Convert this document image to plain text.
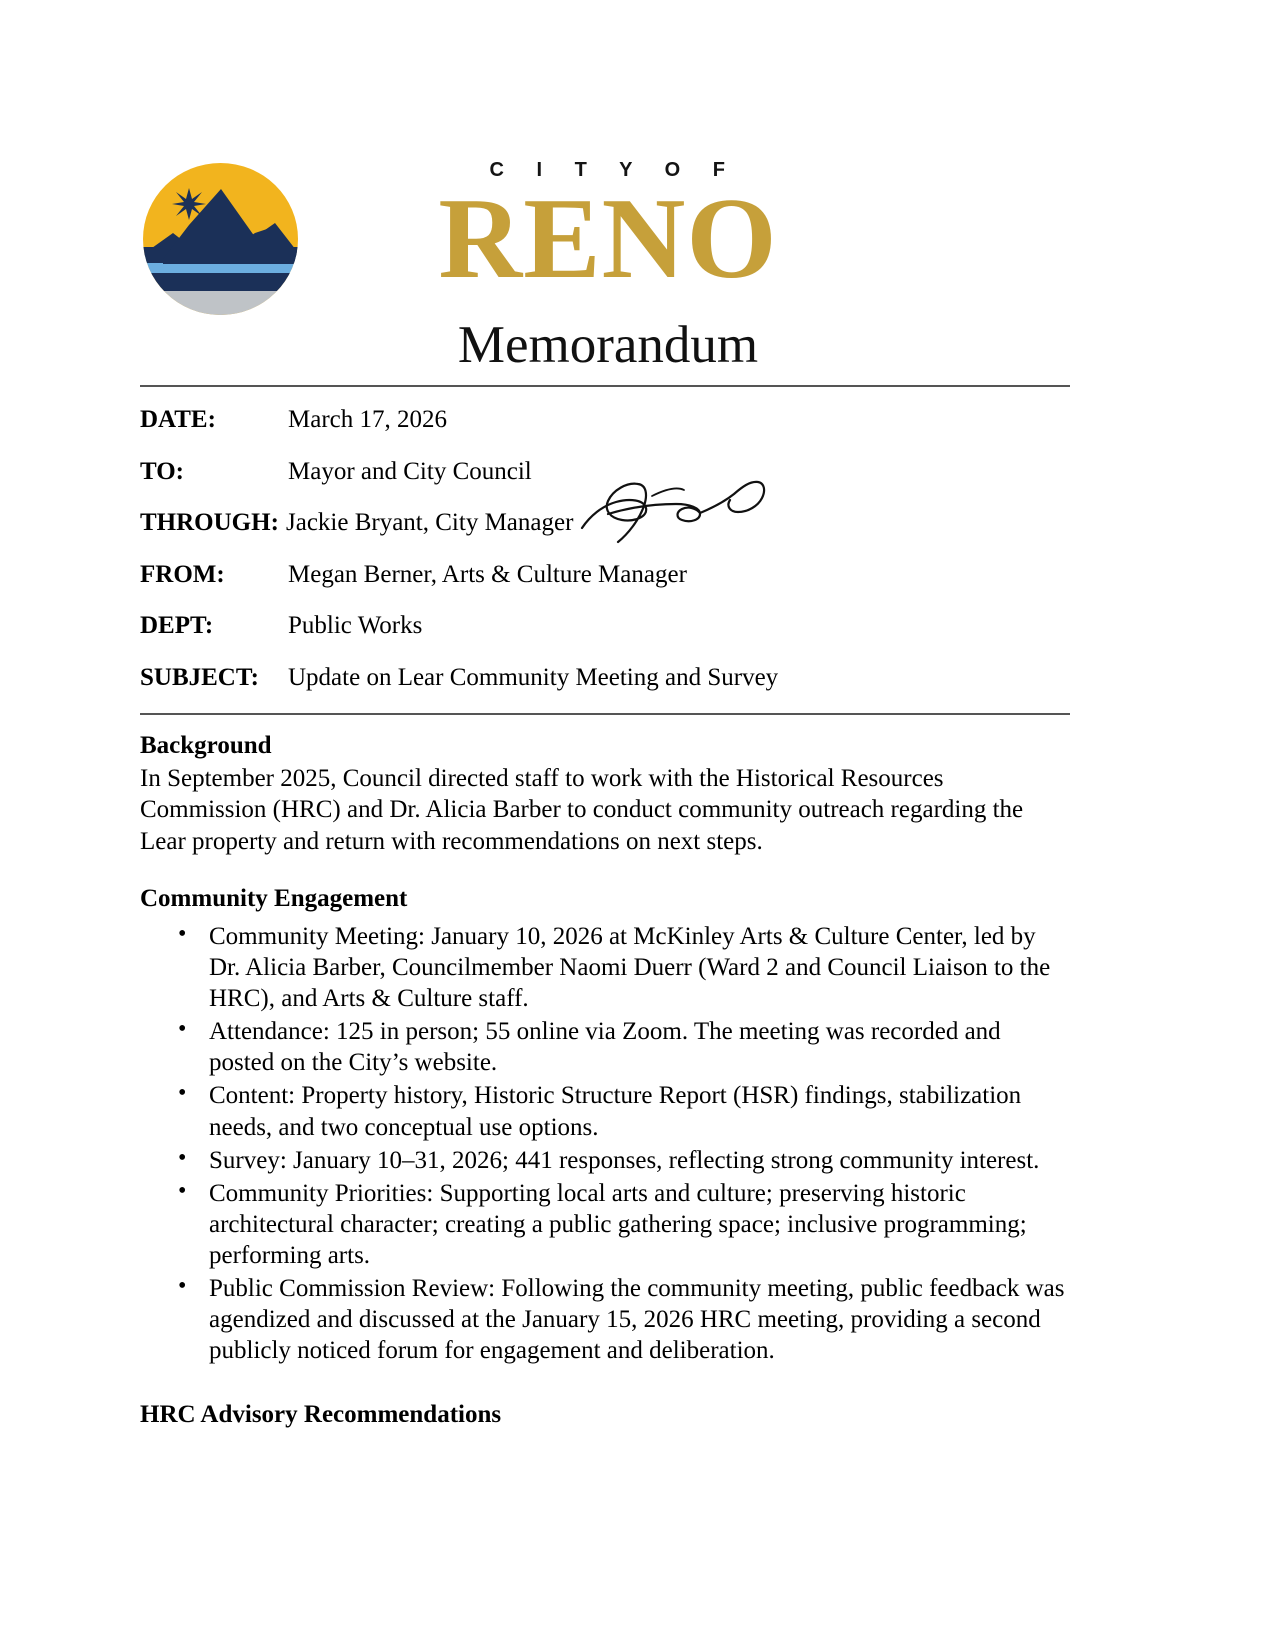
C I T Y O F
RENO
Memorandum
DATE:	March 17, 2026
TO:	Mayor and City Council
THROUGH: Jackie Bryant, City Manager
FROM:	Megan Berner, Arts & Culture Manager
DEPT:	Public Works
SUBJECT:	Update on Lear Community Meeting and Survey
Background

In September 2025, Council directed staff to work with the Historical Resources Commission (HRC) and Dr. Alicia Barber to conduct community outreach regarding the Lear property and return with recommendations on next steps.

Community Engagement
• Community Meeting: January 10, 2026 at McKinley Arts & Culture Center, led by Dr. Alicia Barber, Councilmember Naomi Duerr (Ward 2 and Council Liaison to the HRC), and Arts & Culture staff.
• Attendance: 125 in person; 55 online via Zoom. The meeting was recorded and posted on the City’s website.
• Content: Property history, Historic Structure Report (HSR) findings, stabilization needs, and two conceptual use options.
• Survey: January 10–31, 2026; 441 responses, reflecting strong community interest.
• Community Priorities: Supporting local arts and culture; preserving historic architectural character; creating a public gathering space; inclusive programming; performing arts.
• Public Commission Review: Following the community meeting, public feedback was agendized and discussed at the January 15, 2026 HRC meeting, providing a second publicly noticed forum for engagement and deliberation.
HRC Advisory Recommendations
